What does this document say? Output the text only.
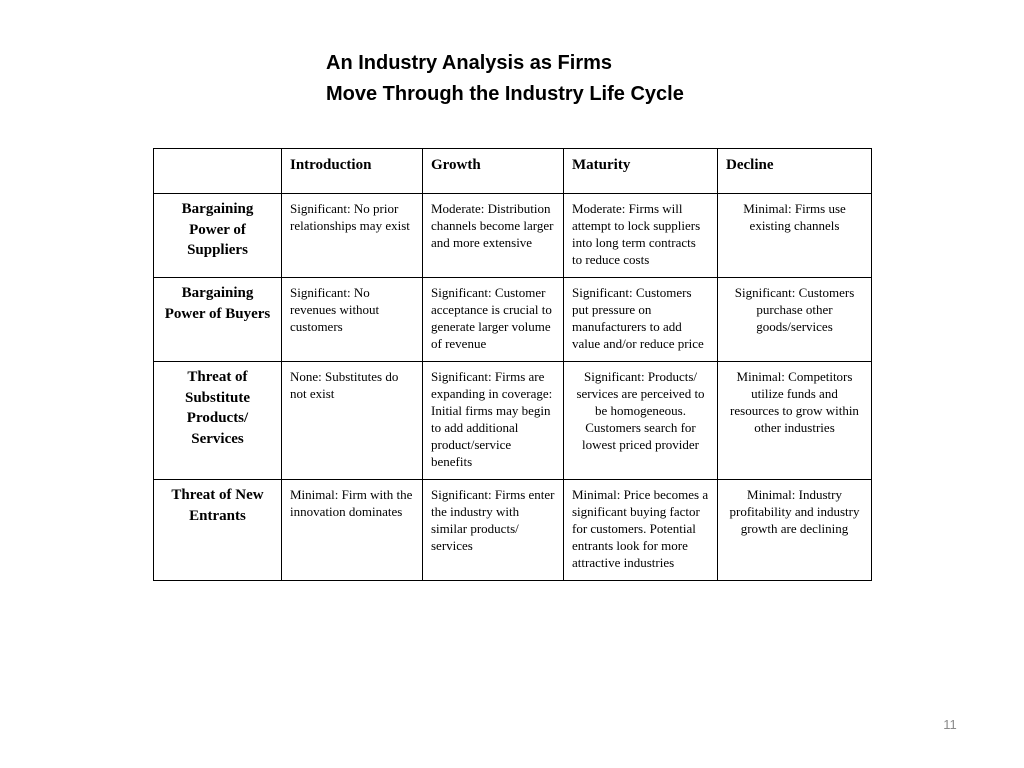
An Industry Analysis as Firms
Move Through the Industry Life Cycle
	Introduction	Growth	Maturity	Decline
Bargaining Power of Suppliers	Significant: No prior relationships may exist	Moderate: Distribution channels become larger and more extensive	Moderate: Firms will attempt to lock suppliers into long term contracts to reduce costs	Minimal: Firms use existing channels
Bargaining Power of Buyers	Significant: No revenues without customers	Significant: Customer acceptance is crucial to generate larger volume of revenue	Significant: Customers put pressure on manufacturers to add value and/or reduce price	Significant: Customers purchase other goods/services
Threat of Substitute Products/ Services	None: Substitutes do not exist	Significant: Firms are expanding in coverage: Initial firms may begin to add additional product/service benefits	Significant: Products/ services are perceived to be homogeneous. Customers search for lowest priced provider	Minimal: Competitors utilize funds and resources to grow within other industries
Threat of New Entrants	Minimal: Firm with the innovation dominates	Significant: Firms enter the industry with similar products/ services	Minimal: Price becomes a significant buying factor for customers. Potential entrants look for more attractive industries	Minimal: Industry profitability and industry growth are declining
11
